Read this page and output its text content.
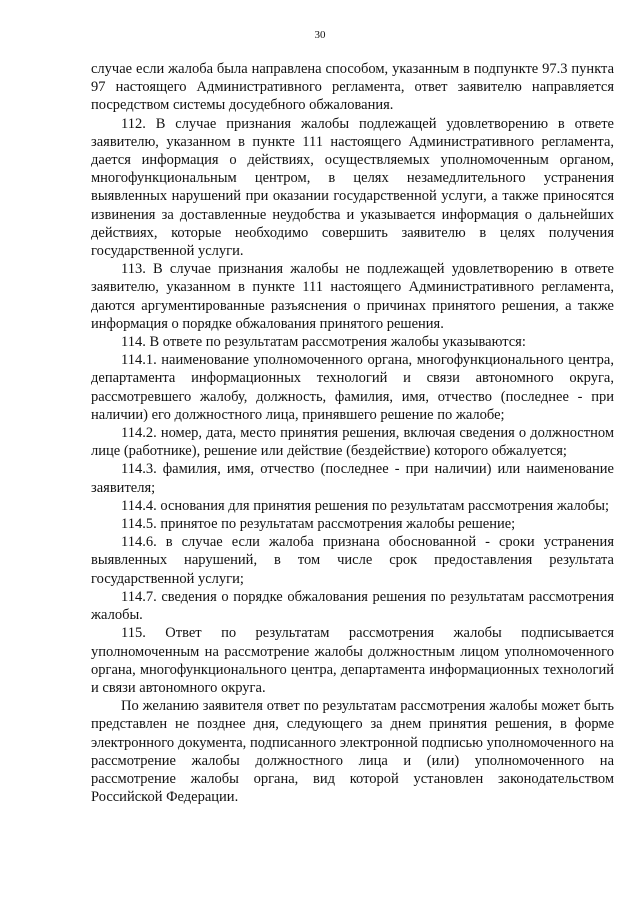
30

случае если жалоба была направлена способом, указанным в подпункте 97.3 пункта 97 настоящего Административного регламента, ответ заявителю направляется посредством системы досудебного обжалования.

112. В случае признания жалобы подлежащей удовлетворению в ответе заявителю, указанном в пункте 111 настоящего Административного регламента, дается информация о действиях, осуществляемых уполномоченным органом, многофункциональным центром, в целях незамедлительного устранения выявленных нарушений при оказании государственной услуги, а также приносятся извинения за доставленные неудобства и указывается информация о дальнейших действиях, которые необходимо совершить заявителю в целях получения государственной услуги.

113. В случае признания жалобы не подлежащей удовлетворению в ответе заявителю, указанном в пункте 111 настоящего Административного регламента, даются аргументированные разъяснения о причинах принятого решения, а также информация о порядке обжалования принятого решения.

114. В ответе по результатам рассмотрения жалобы указываются:

114.1. наименование уполномоченного органа, многофункционального центра, департамента информационных технологий и связи автономного округа, рассмотревшего жалобу, должность, фамилия, имя, отчество (последнее - при наличии) его должностного лица, принявшего решение по жалобе;

114.2. номер, дата, место принятия решения, включая сведения о должностном лице (работнике), решение или действие (бездействие) которого обжалуется;

114.3. фамилия, имя, отчество (последнее - при наличии) или наименование заявителя;

114.4. основания для принятия решения по результатам рассмотрения жалобы;

114.5. принятое по результатам рассмотрения жалобы решение;

114.6. в случае если жалоба признана обоснованной - сроки устранения выявленных нарушений, в том числе срок предоставления результата государственной услуги;

114.7. сведения о порядке обжалования решения по результатам рассмотрения жалобы.

115. Ответ по результатам рассмотрения жалобы подписывается уполномоченным на рассмотрение жалобы должностным лицом уполномоченного органа, многофункционального центра, департамента информационных технологий и связи автономного округа.

По желанию заявителя ответ по результатам рассмотрения жалобы может быть представлен не позднее дня, следующего за днем принятия решения, в форме электронного документа, подписанного электронной подписью уполномоченного на рассмотрение жалобы должностного лица и (или) уполномоченного на рассмотрение жалобы органа, вид которой установлен законодательством Российской Федерации.
